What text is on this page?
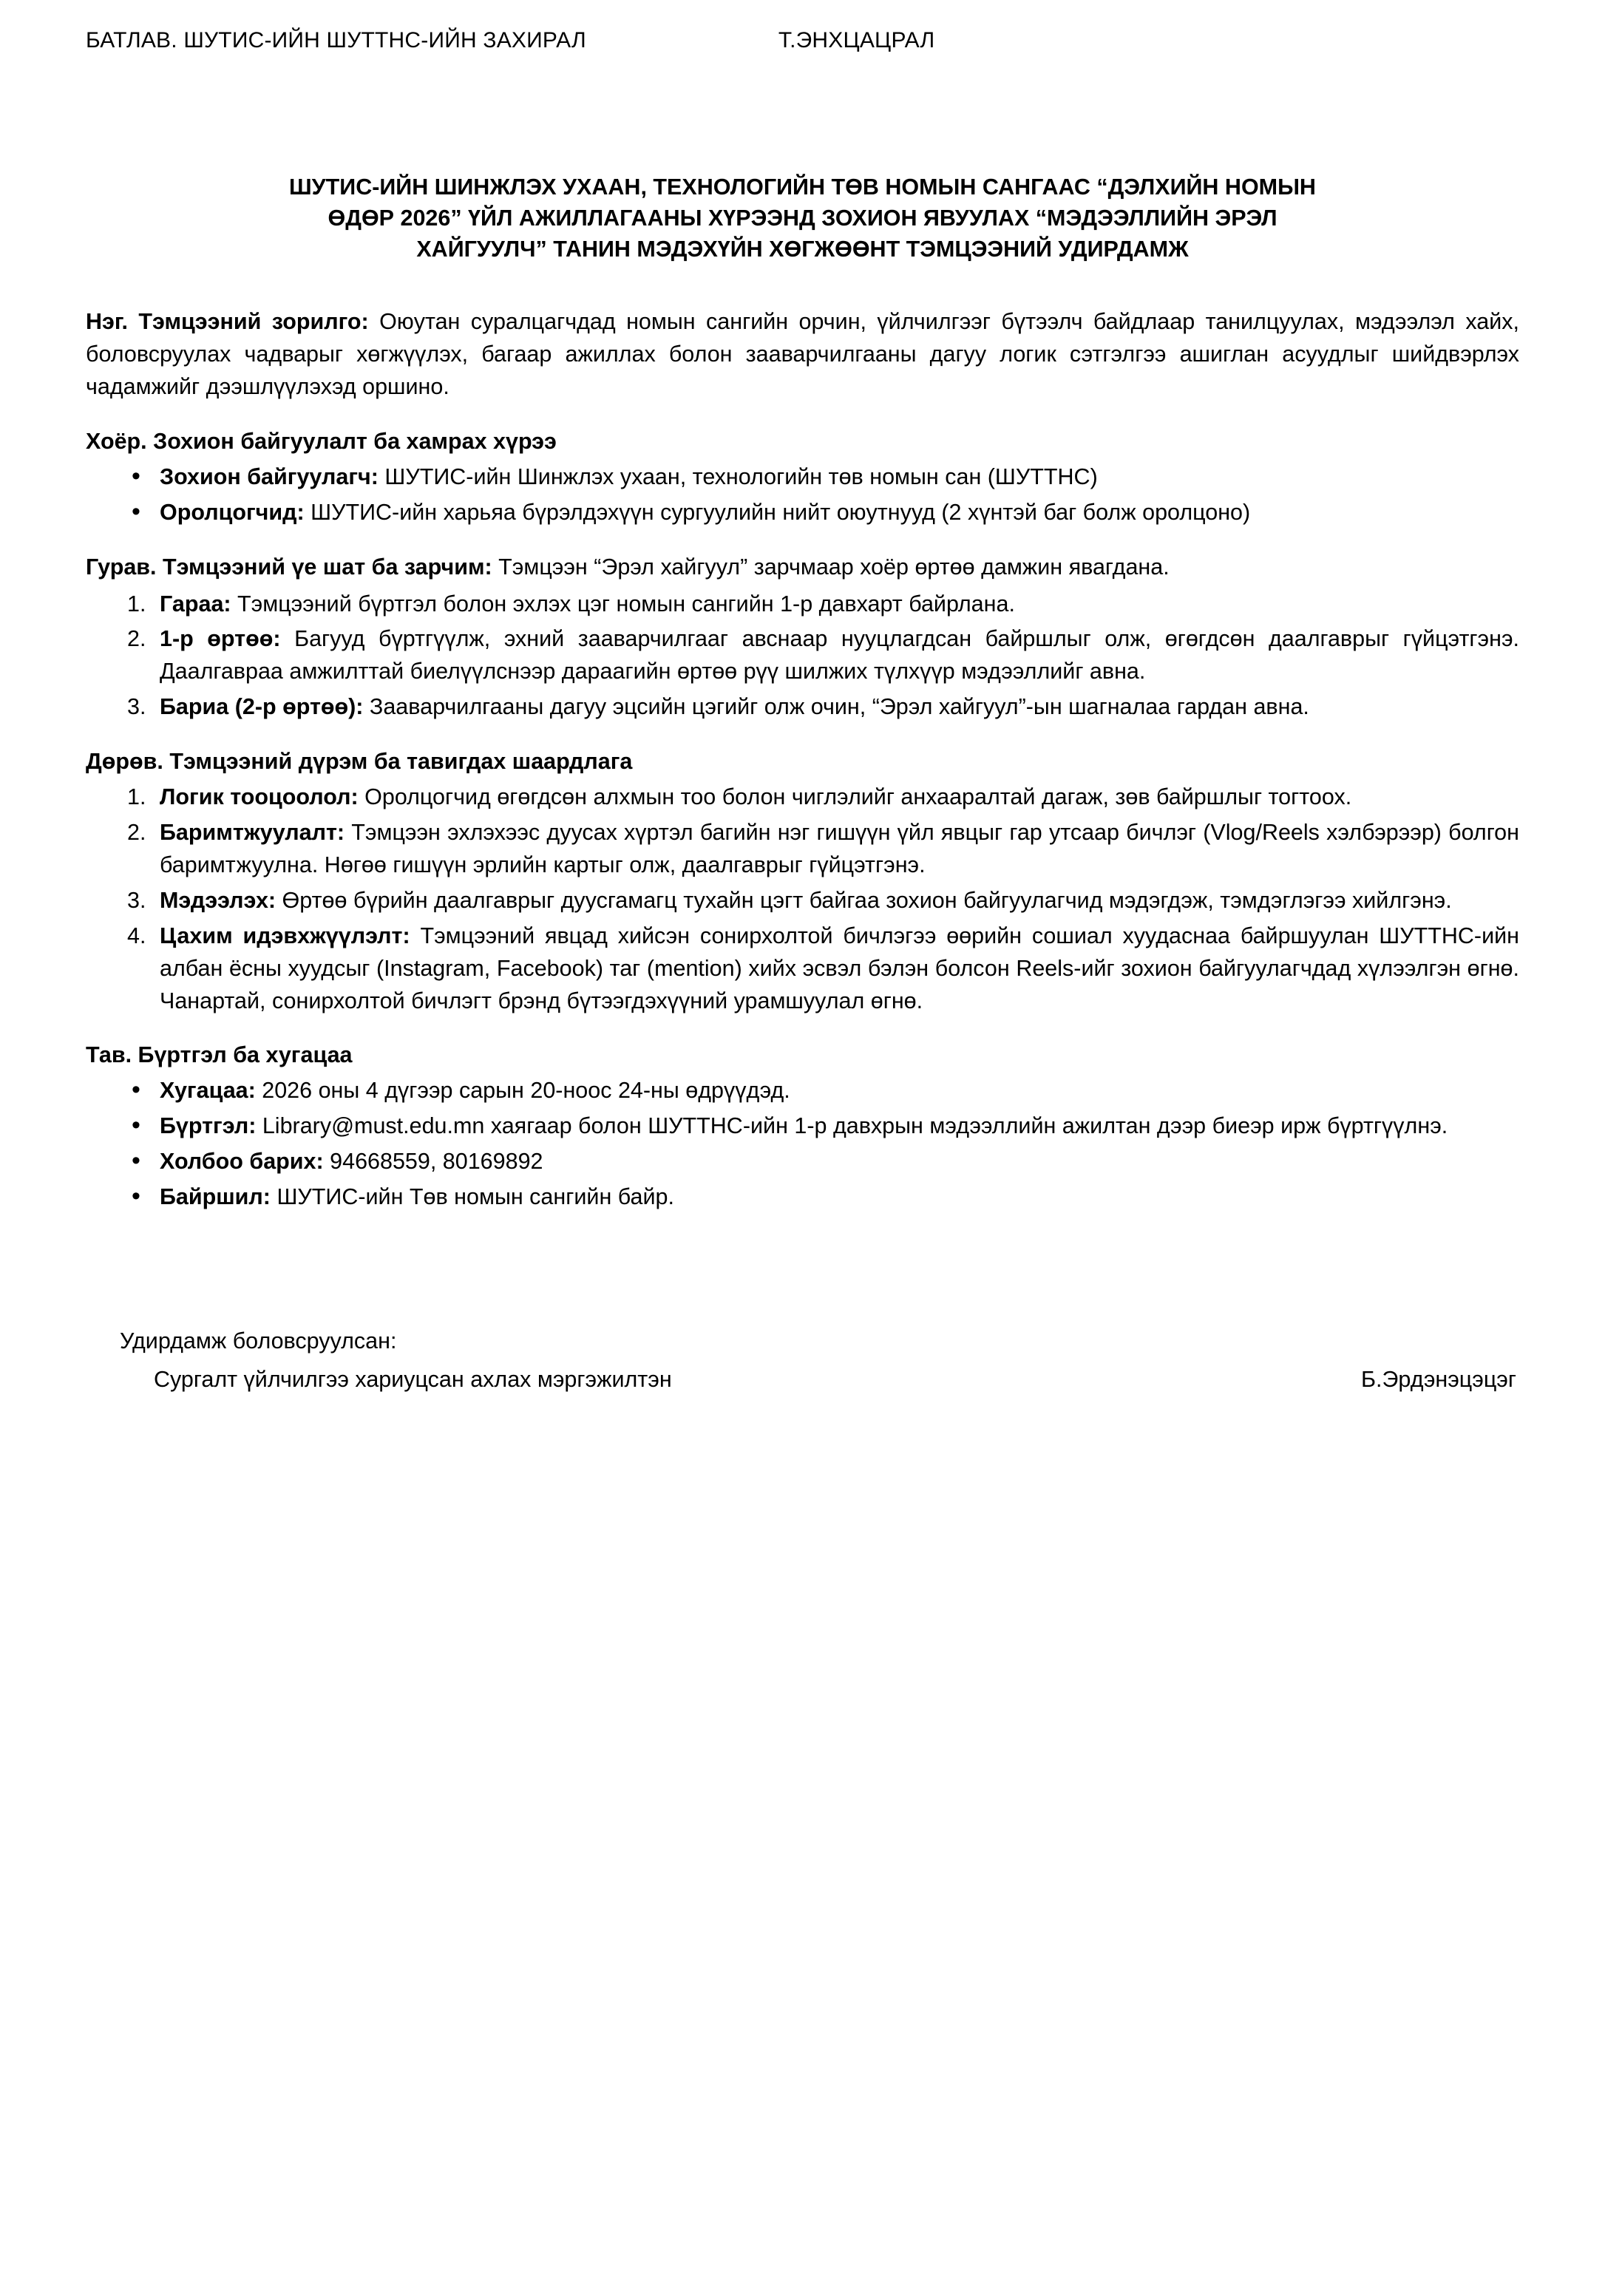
БАТЛАВ. ШУТИС-ИЙН ШУТТНС-ИЙН ЗАХИРАЛ	Т.ЭНХЦАЦРАЛ
ШУТИС-ИЙН ШИНЖЛЭХ УХААН, ТЕХНОЛОГИЙН ТӨВ НОМЫН САНГААС “ДЭЛХИЙН НОМЫН
ӨДӨР 2026” ҮЙЛ АЖИЛЛАГААНЫ ХҮРЭЭНД ЗОХИОН ЯВУУЛАХ “МЭДЭЭЛЛИЙН ЭРЭЛ
ХАЙГУУЛЧ” ТАНИН МЭДЭХҮЙН ХӨГЖӨӨНТ ТЭМЦЭЭНИЙ УДИРДАМЖ

Нэг. Тэмцээний зорилго: Оюутан суралцагчдад номын сангийн орчин, үйлчилгээг бүтээлч байдлаар танилцуулах, мэдээлэл хайх, боловсруулах чадварыг хөгжүүлэх, багаар ажиллах болон зааварчилгааны дагуу логик сэтгэлгээ ашиглан асуудлыг шийдвэрлэх чадамжийг дээшлүүлэхэд оршино.

Хоёр. Зохион байгуулалт ба хамрах хүрээ
• Зохион байгуулагч: ШУТИС-ийн Шинжлэх ухаан, технологийн төв номын сан (ШУТТНС)
• Оролцогчид: ШУТИС-ийн харьяа бүрэлдэхүүн сургуулийн нийт оюутнууд (2 хүнтэй баг болж оролцоно)

Гурав. Тэмцээний үе шат ба зарчим: Тэмцээн “Эрэл хайгуул” зарчмаар хоёр өртөө дамжин явагдана.

Гараа: Тэмцээний бүртгэл болон эхлэх цэг номын сангийн 1-р давхарт байрлана.
1-р өртөө: Багууд бүртгүүлж, эхний зааварчилгааг авснаар нууцлагдсан байршлыг олж, өгөгдсөн даалгаврыг гүйцэтгэнэ. Даалгавраа амжилттай биелүүлснээр дараагийн өртөө рүү шилжих түлхүүр мэдээллийг авна.
Бариа (2-р өртөө): Зааварчилгааны дагуу эцсийн цэгийг олж очин, “Эрэл хайгуул”-ын шагналаа гардан авна.
Дөрөв. Тэмцээний дүрэм ба тавигдах шаардлага
Логик тооцоолол: Оролцогчид өгөгдсөн алхмын тоо болон чиглэлийг анхааралтай дагаж, зөв байршлыг тогтоох.
Баримтжуулалт: Тэмцээн эхлэхээс дуусах хүртэл багийн нэг гишүүн үйл явцыг гар утсаар бичлэг (Vlog/Reels хэлбэрээр) болгон баримтжуулна. Нөгөө гишүүн эрлийн картыг олж, даалгаврыг гүйцэтгэнэ.
Мэдээлэх: Өртөө бүрийн даалгаврыг дуусгамагц тухайн цэгт байгаа зохион байгуулагчид мэдэгдэж, тэмдэглэгээ хийлгэнэ.
Цахим идэвхжүүлэлт: Тэмцээний явцад хийсэн сонирхолтой бичлэгээ өөрийн сошиал хуудаснаа байршуулан ШУТТНС-ийн албан ёсны хуудсыг (Instagram, Facebook) таг (mention) хийх эсвэл бэлэн болсон Reels-ийг зохион байгуулагчдад хүлээлгэн өгнө. Чанартай, сонирхолтой бичлэгт брэнд бүтээгдэхүүний урамшуулал өгнө.
Тав. Бүртгэл ба хугацаа
• Хугацаа: 2026 оны 4 дүгээр сарын 20-ноос 24-ны өдрүүдэд.
• Бүртгэл: Library@must.edu.mn хаягаар болон ШУТТНС-ийн 1-р давхрын мэдээллийн ажилтан дээр биеэр ирж бүртгүүлнэ.
• Холбоо барих: 94668559, 80169892
• Байршил: ШУТИС-ийн Төв номын сангийн байр.
Удирдамж боловсруулсан:
Сургалт үйлчилгээ хариуцсан ахлах мэргэжилтэн	Б.Эрдэнэцэцэг
